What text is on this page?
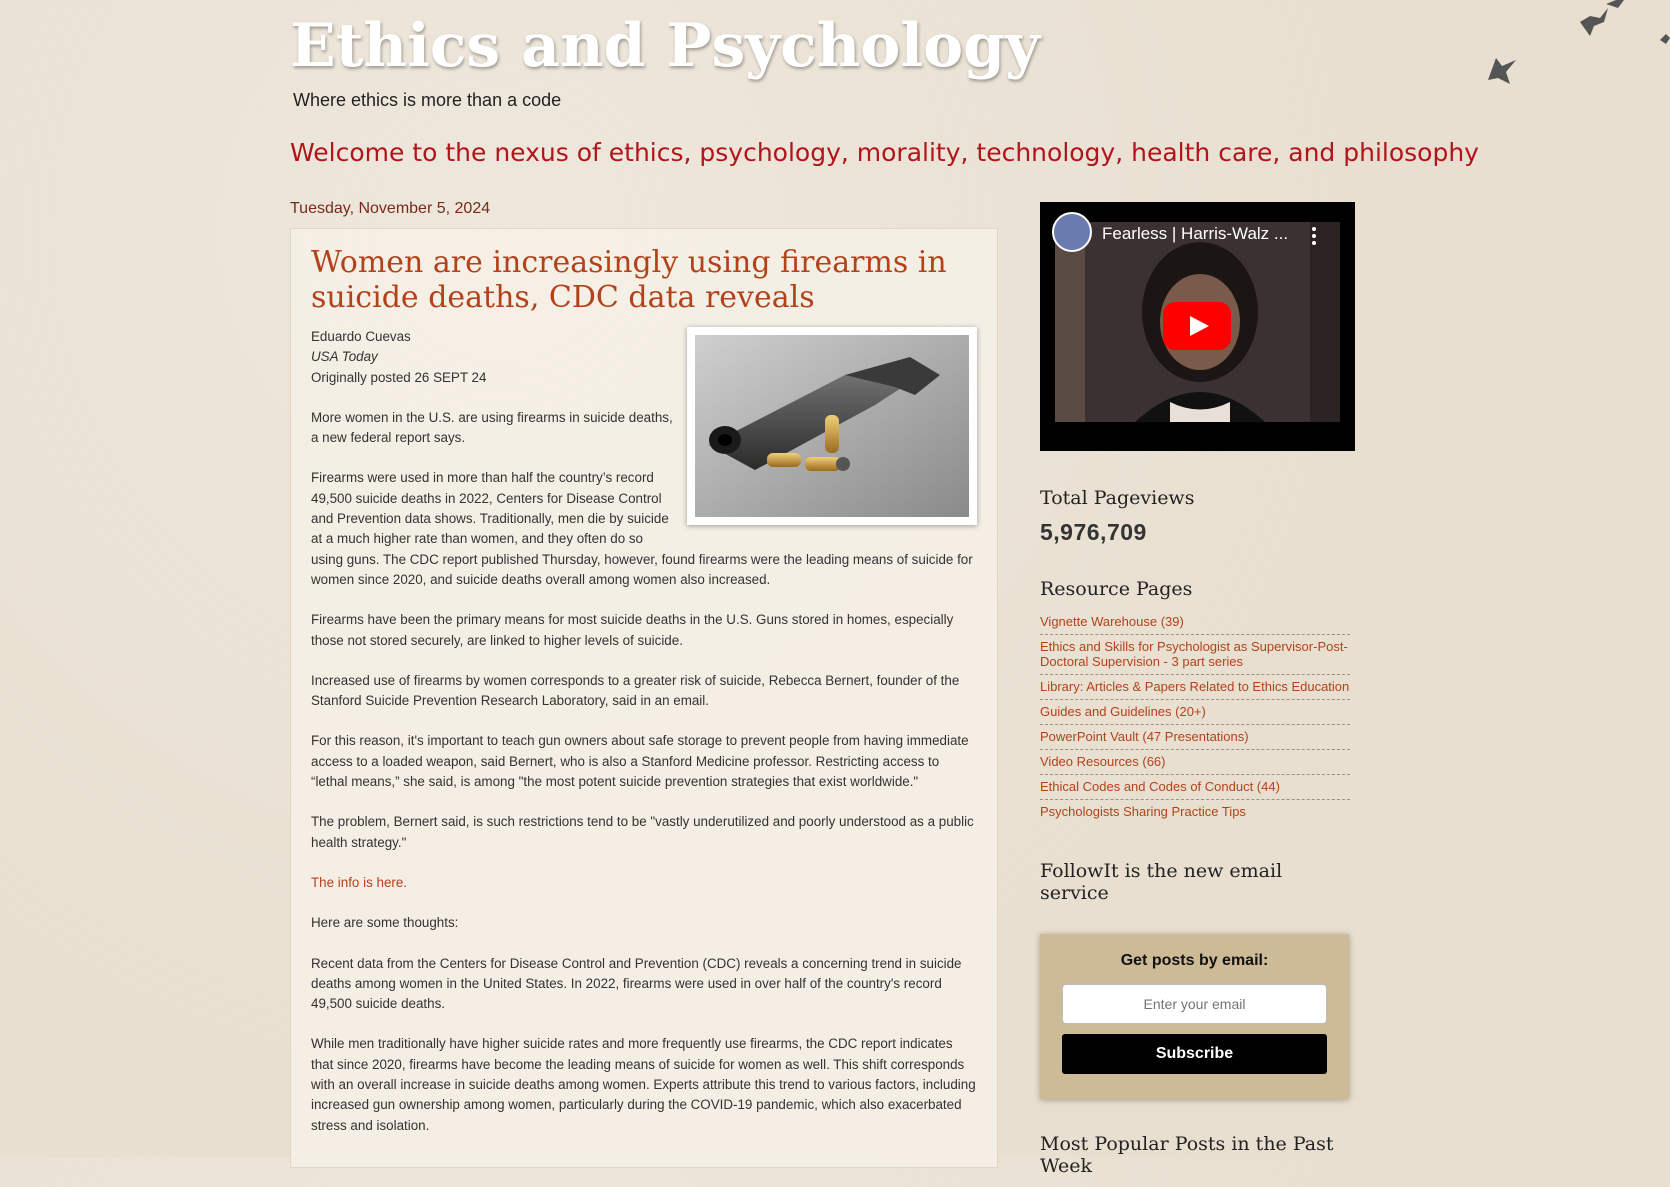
Ethics and Psychology
Where ethics is more than a code
Welcome to the nexus of ethics, psychology, morality, technology, health care, and philosophy
Tuesday, November 5, 2024
Women are increasingly using firearms in suicide deaths, CDC data reveals
Eduardo Cuevas
USA Today
Originally posted 26 SEPT 24

More women in the U.S. are using firearms in suicide deaths, a new federal report says.

Firearms were used in more than half the country’s record 49,500 suicide deaths in 2022, Centers for Disease Control and Prevention data shows. Traditionally, men die by suicide at a much higher rate than women, and they often do so using guns. The CDC report published Thursday, however, found firearms were the leading means of suicide for women since 2020, and suicide deaths overall among women also increased.

Firearms have been the primary means for most suicide deaths in the U.S. Guns stored in homes, especially those not stored securely, are linked to higher levels of suicide.

Increased use of firearms by women corresponds to a greater risk of suicide, Rebecca Bernert, founder of the Stanford Suicide Prevention Research Laboratory, said in an email.

For this reason, it's important to teach gun owners about safe storage to prevent people from having immediate access to a loaded weapon, said Bernert, who is also a Stanford Medicine professor. Restricting access to “lethal means,” she said, is among "the most potent suicide prevention strategies that exist worldwide."

The problem, Bernert said, is such restrictions tend to be "vastly underutilized and poorly understood as a public health strategy."

The info is here.

Here are some thoughts:

Recent data from the Centers for Disease Control and Prevention (CDC) reveals a concerning trend in suicide deaths among women in the United States. In 2022, firearms were used in over half of the country's record 49,500 suicide deaths.

While men traditionally have higher suicide rates and more frequently use firearms, the CDC report indicates that since 2020, firearms have become the leading means of suicide for women as well. This shift corresponds with an overall increase in suicide deaths among women. Experts attribute this trend to various factors, including increased gun ownership among women, particularly during the COVID-19 pandemic, which also exacerbated stress and isolation.

Fearless | Harris-Walz ...
Total Pageviews
5,976,709
Resource Pages
Vignette Warehouse (39)
Ethics and Skills for Psychologist as Supervisor-Post-Doctoral Supervision - 3 part series
Library: Articles & Papers Related to Ethics Education
Guides and Guidelines (20+)
PowerPoint Vault (47 Presentations)
Video Resources (66)
Ethical Codes and Codes of Conduct (44)
Psychologists Sharing Practice Tips
FollowIt is the new email service
Get posts by email:
Enter your email Subscribe
Most Popular Posts in the Past Week
